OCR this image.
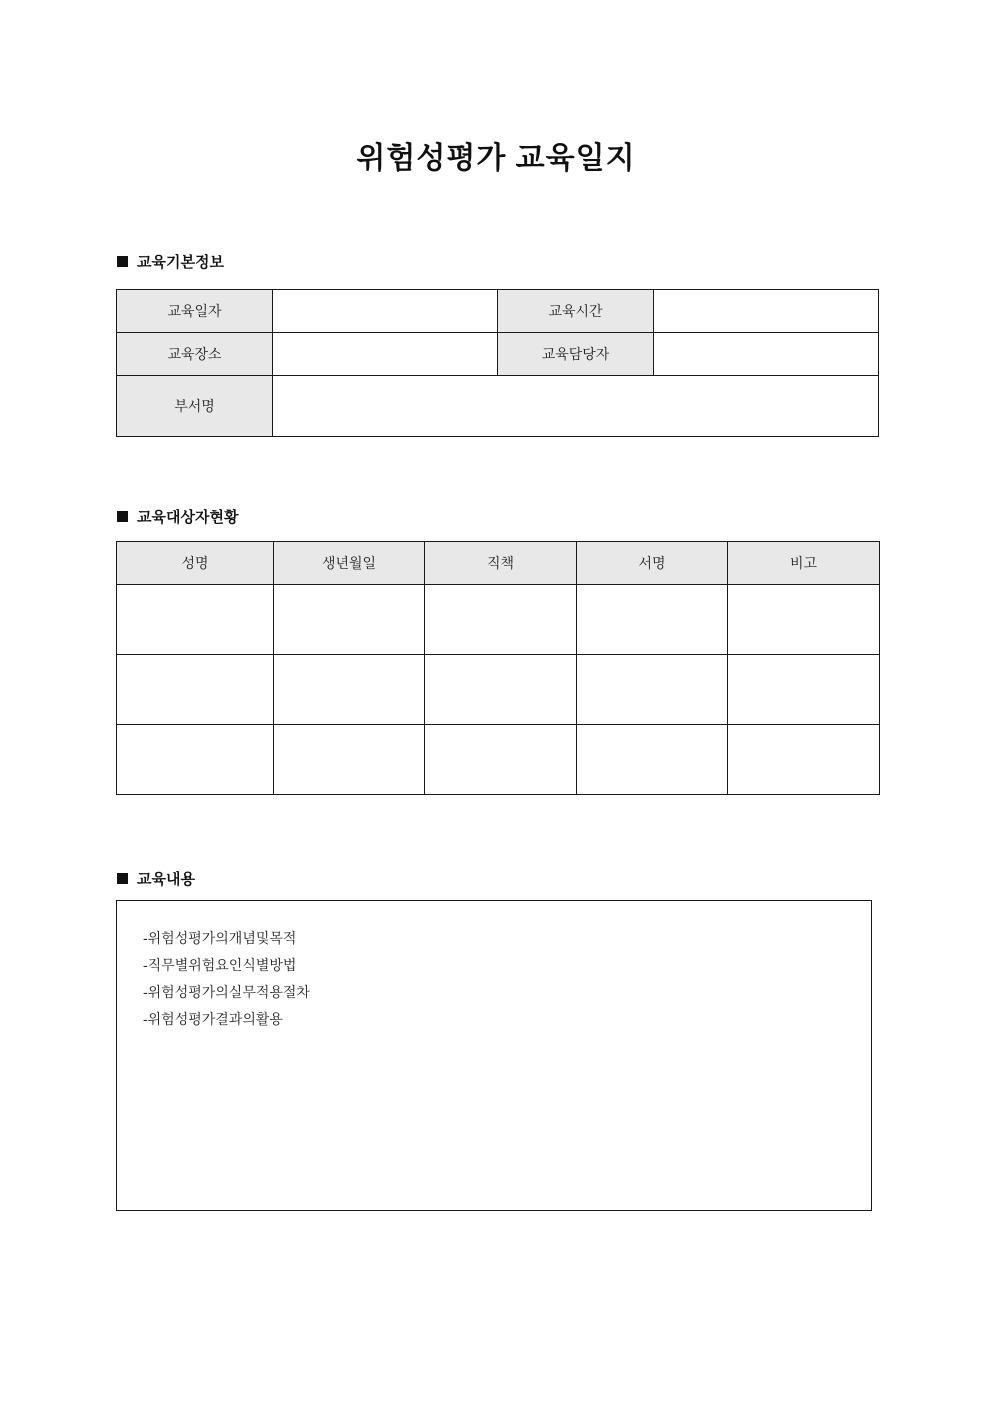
위험성평가 교육일지
교육기본정보
교육일자		교육시간	
교육장소		교육담당자	
부서명			
교육대상자현황
성명	생년월일	직책	서명	비고

교육내용
-위험성평가의개념및목적
-직무별위험요인식별방법
-위험성평가의실무적용절차
-위험성평가결과의활용
